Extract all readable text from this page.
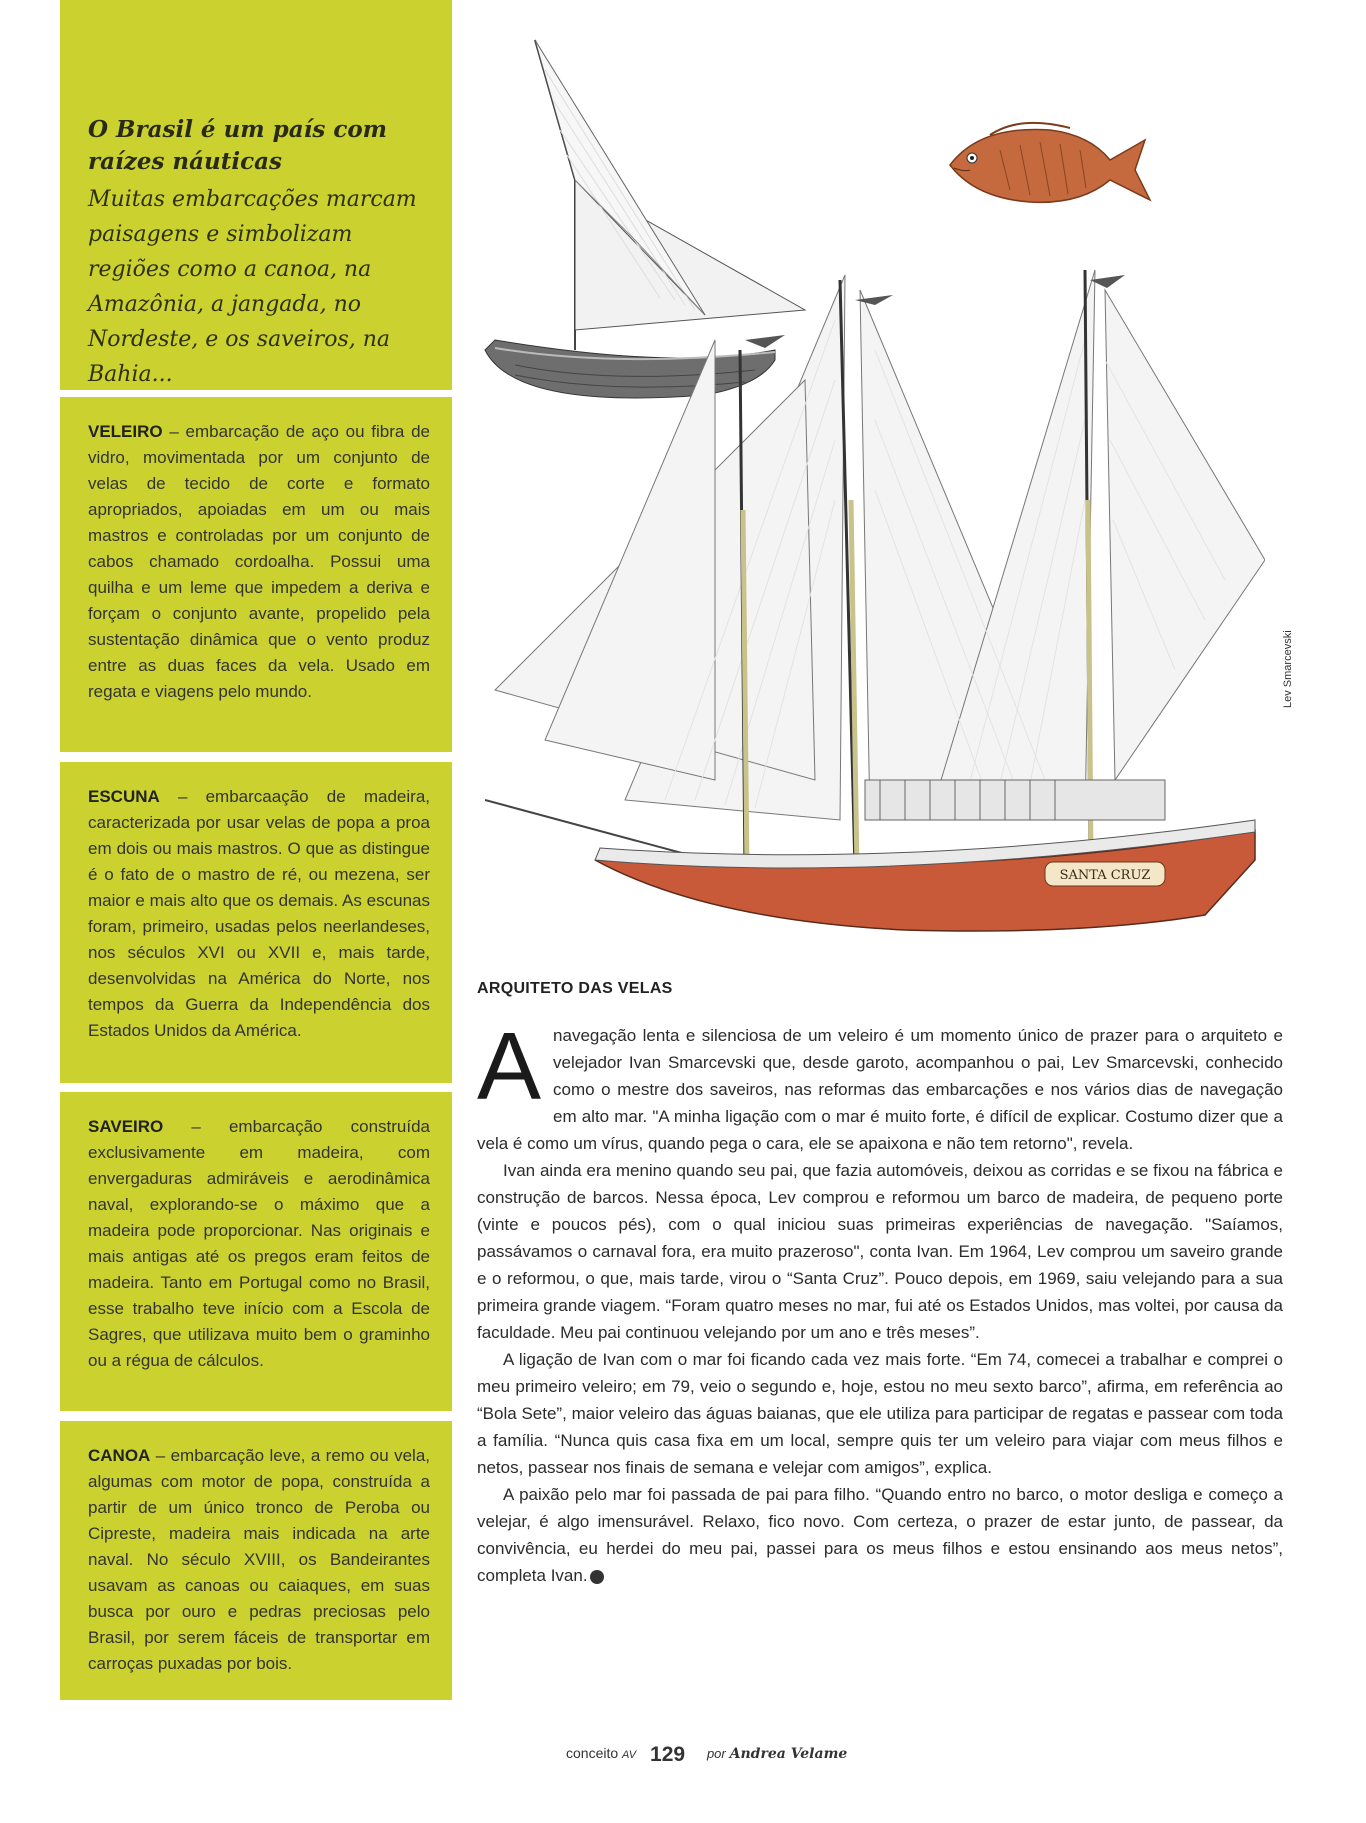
O Brasil é um país com raízes náuticas

Muitas embarcações marcam paisagens e simbolizam regiões como a canoa, na Amazônia, a jangada, no Nordeste, e os saveiros, na Bahia...

VELEIRO – embarcação de aço ou fibra de vidro, movimentada por um conjunto de velas de tecido de corte e formato apropriados, apoiadas em um ou mais mastros e controladas por um conjunto de cabos chamado cordoalha. Possui uma quilha e um leme que impedem a deriva e forçam o conjunto avante, propelido pela sustentação dinâmica que o vento produz entre as duas faces da vela. Usado em regata e viagens pelo mundo.
ESCUNA – embarcaação de madeira, caracterizada por usar velas de popa a proa em dois ou mais mastros. O que as distingue é o fato de o mastro de ré, ou mezena, ser maior e mais alto que os demais. As escunas foram, primeiro, usadas pelos neerlandeses, nos séculos XVI ou XVII e, mais tarde, desenvolvidas na América do Norte, nos tempos da Guerra da Independência dos Estados Unidos da América.
SAVEIRO – embarcação construída exclusivamente em madeira, com envergaduras admiráveis e aerodinâmica naval, explorando-se o máximo que a madeira pode proporcionar. Nas originais e mais antigas até os pregos eram feitos de madeira. Tanto em Portugal como no Brasil, esse trabalho teve início com a Escola de Sagres, que utilizava muito bem o graminho ou a régua de cálculos.
CANOA – embarcação leve, a remo ou vela, algumas com motor de popa, construída a partir de um único tronco de Peroba ou Cipreste, madeira mais indicada na arte naval. No século XVIII, os Bandeirantes usavam as canoas ou caiaques, em suas busca por ouro e pedras preciosas pelo Brasil, por serem fáceis de transportar em carroças puxadas por bois.
SANTA CRUZ
Lev Smarcevski
ARQUITETO DAS VELAS

Anavegação lenta e silenciosa de um veleiro é um momento único de prazer para o arquiteto e velejador Ivan Smarcevski que, desde garoto, acompanhou o pai, Lev Smarcevski, conhecido como o mestre dos saveiros, nas reformas das embarcações e nos vários dias de navegação em alto mar. "A minha ligação com o mar é muito forte, é difícil de explicar. Costumo dizer que a vela é como um vírus, quando pega o cara, ele se apaixona e não tem retorno", revela.

Ivan ainda era menino quando seu pai, que fazia automóveis, deixou as corridas e se fixou na fábrica e construção de barcos. Nessa época, Lev comprou e reformou um barco de madeira, de pequeno porte (vinte e poucos pés), com o qual iniciou suas primeiras experiências de navegação. "Saíamos, passávamos o carnaval fora, era muito prazeroso", conta Ivan. Em 1964, Lev comprou um saveiro grande e o reformou, o que, mais tarde, virou o “Santa Cruz”. Pouco depois, em 1969, saiu velejando para a sua primeira grande viagem. “Foram quatro meses no mar, fui até os Estados Unidos, mas voltei, por causa da faculdade. Meu pai continuou velejando por um ano e três meses”.

A ligação de Ivan com o mar foi ficando cada vez mais forte. “Em 74, comecei a trabalhar e comprei o meu primeiro veleiro; em 79, veio o segundo e, hoje, estou no meu sexto barco”, afirma, em referência ao “Bola Sete”, maior veleiro das águas baianas, que ele utiliza para participar de regatas e passear com toda a família. “Nunca quis casa fixa em um local, sempre quis ter um veleiro para viajar com meus filhos e netos, passear nos finais de semana e velejar com amigos”, explica.

A paixão pelo mar foi passada de pai para filho. “Quando entro no barco, o motor desliga e começo a velejar, é algo imensurável. Relaxo, fico novo. Com certeza, o prazer de estar junto, de passear, da convivência, eu herdei do meu pai, passei para os meus filhos e estou ensinando aos meus netos”, completa Ivan.	✕

conceito AV 129 por Andrea Velame
